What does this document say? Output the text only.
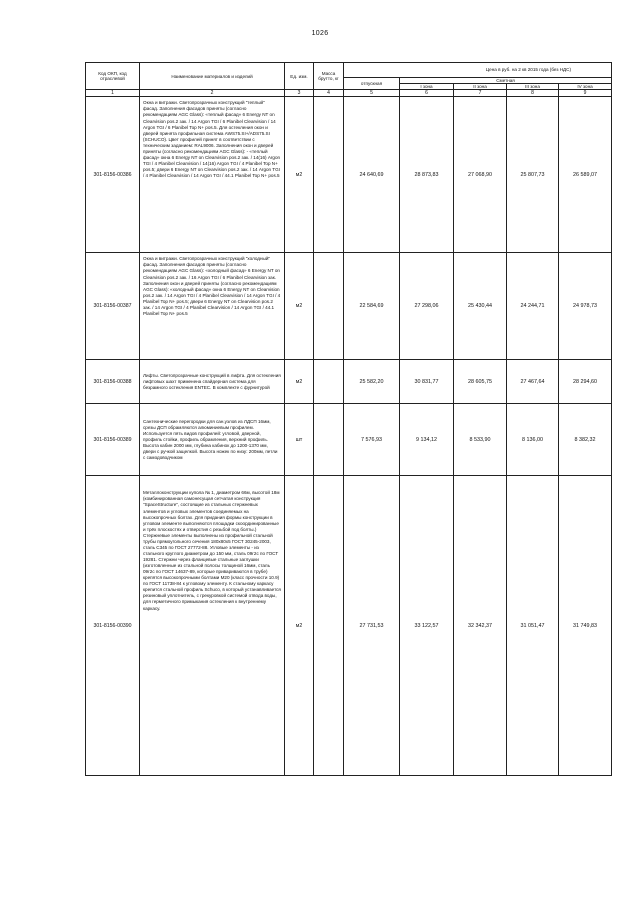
1026
Код ОКП, код отраслевой	Наименование материалов и изделий	Ед. изм.	Масса брутто, кг	Цена в руб. на 2 кв 2015 года (без НДС)				
				отпускная	Сметная			
					I зона	II зона	III зона	IV зона
1	2	3	4	5	6	7	8	9
301-8156-00386	Окна и витражи. Светопрозрачных конструкций "теплый" фасад. Заполнения фасадов приняты (согласно рекомендациям AGC Glass): «теплый фасад» 6 Energy NT on Clearvision pos.2 зак. / 14 Argon TGI / 6 Planibel Clearvision / 14 Argon TGI / 6 Planibel Top N+ pos.5. Для остекления окон и дверей принята профильная система AWS75.SI+/ADS75.SI (SCHUCO). Цвет профилей принят в соответствии с техническим заданием: RAL9006. Заполнения окон и дверей приняты (согласно рекомендациям AGC Glass): - «теплый фасад» окна 6 Energy NT on Clearvision pos.2 зак. / 14(16) Argon TGI / 4 Planibel Clearvision / 14(16) Argon TGI / 4 Planibel Top N+ pos.5; двери 6 Energy NT on Clearvision pos.2 зак. / 14 Argon TGI / 4 Planibel Clearvision / 14 Argon TGI / 44.1 Planibel Top N+ pos.5	м2		24 640,69	28 873,83	27 068,90	25 807,73	26 589,07
301-8156-00387	Окна и витражи. Светопрозрачных конструкций "холодный" фасад. Заполнения фасадов приняты (согласно рекомендациям AGC Glass): «холодный фасад» 6 Energy NT on Clearvision pos.2 зак. / 16 Argon TGI / 6 Planibel Clearvision зак. Заполнения окон и дверей приняты (согласно рекомендациям AGC Glass): «холодный фасад» окна 6 Energy NT on Clearvision pos.2 зак. / 14 Argon TGI / 4 Planibel Clearvision / 14 Argon TGI / 4 Planibel Top N+ pos.5; двери 6 Energy NT on Clearvision pos.2 зак. / 14 Argon TGI / 4 Planibel Clearvision / 14 Argon TGI / 44.1 Planibel Top N+ pos.5	м2		22 584,69	27 298,06	25 430,44	24 244,71	24 978,73
301-8156-00388	Лифты. Светопрозрачные конструкций в лифта. Для остекления лифтовых шахт применена спайдерная система для безрамного остекления ENTEC. В комплекте с фурнитурой	м2		25 582,20	30 831,77	28 605,75	27 467,64	28 294,60
301-8156-00389	Сантехнические перегородки для сан.узлов из ЛДСП 16мм, срезы ДСП обрамляются алюминиевым профилем. Используется пять видов профилей: угловой, дверной, профиль стойки, профиль обрамления, верхний профиль. Высота кабин 2000 мм, глубина кабинок до 1200-1370 мм, двери с ручкой защелкой. Высота ножек по низу: 200мм, петли с самодоводчиком	шт		7 576,93	9 134,12	8 533,90	8 136,00	8 382,32
301-8156-00390	Металлоконструкции купола № 1, диаметром 66м, высотой 18м (комбинированная самонесущая сетчатая конструкция "SpaceStructure", состоящие из стальных стержневых элементов и угловых элементов соединяемых на высокопрочных болтах. Для придания формы конструкции в угловом элементе выполняются площадки скоординированные и трёх плоскостях и отверстия с резьбой под болты.) Стержневые элементы выполнены из профильной стальной трубы прямоугольного сечения 180х80х5 ГОСТ 30245-2003, сталь С345 по ГОСТ 27772-88. Угловые элементы - из стального круглого диаметром до 150 мм, сталь 09г2с по ГОСТ 19281. Стержни через фланцевые стальные заглушки (изготовленные из стальной полосы толщиной 16мм, сталь 09г2с по ГОСТ 14637-89, которые привариваются в трубе) крепятся высокопрочными болтами М20 (класс прочности 10.9) по ГОСТ 11738-84 к угловому элементу. К стальному каркасу крепится стальной профиль Schuco, в который устанавливается резиновый уплотнитель, с грекуровкой системой отвода воды, для герметичного примыкания остекления к внутреннему каркасу.	м2		27 731,53	33 122,57	32 342,37	31 051,47	31 749,83
